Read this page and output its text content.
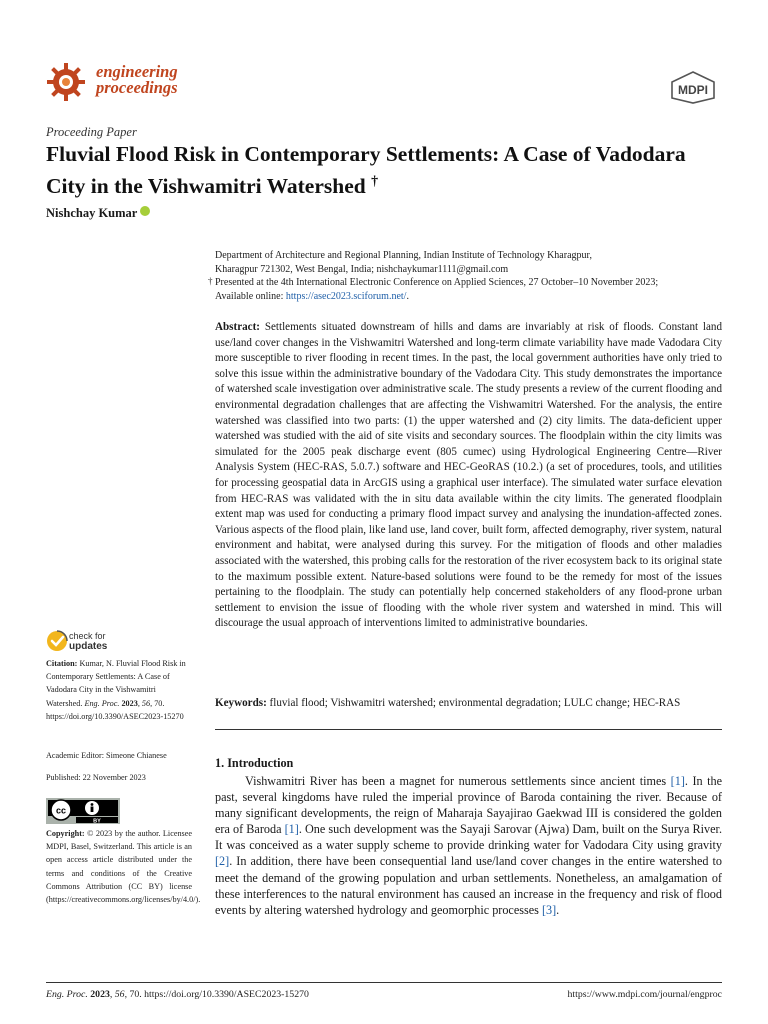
engineering
proceedings	MDPI
Proceeding Paper
Fluvial Flood Risk in Contemporary Settlements: A Case of Vadodara City in the Vishwamitri Watershed †
Nishchay Kumar
Department of Architecture and Regional Planning, Indian Institute of Technology Kharagpur,
Kharagpur 721302, West Bengal, India; nishchaykumar1111@gmail.com
† Presented at the 4th International Electronic Conference on Applied Sciences, 27 October–10 November 2023;
Available online: https://asec2023.sciforum.net/.
Abstract: Settlements situated downstream of hills and dams are invariably at risk of floods. Constant land use/land cover changes in the Vishwamitri Watershed and long-term climate variability have made Vadodara City more susceptible to river flooding in recent times. In the past, the local government authorities have only tried to solve this issue within the administrative boundary of the Vadodara City. This study demonstrates the importance of watershed scale investigation over administrative scale. The study presents a review of the current flooding and environmental degradation challenges that are affecting the Vishwamitri Watershed. For the analysis, the entire watershed was classified into two parts: (1) the upper watershed and (2) city limits. The data-deficient upper watershed was studied with the aid of site visits and secondary sources. The floodplain within the city limits was simulated for the 2005 peak discharge event (805 cumec) using Hydrological Engineering Centre—River Analysis System (HEC-RAS, 5.0.7.) software and HEC-GeoRAS (10.2.) (a set of procedures, tools, and utilities for processing geospatial data in ArcGIS using a graphical user interface). The simulated water surface elevation from HEC-RAS was validated with the in situ data available within the city limits. The generated floodplain extent map was used for conducting a primary flood impact survey and analysing the inundation-affected zones. Various aspects of the flood plain, like land use, land cover, built form, affected demography, river system, natural environment and habitat, were analysed during this survey. For the mitigation of floods and other maladies associated with the watershed, this probing calls for the restoration of the river ecosystem back to its original state to the maximum possible extent. Nature-based solutions were found to be the remedy for most of the issues pertaining to the floodplain. The study can potentially help concerned stakeholders of any flood-prone urban settlement to envision the issue of flooding with the whole river system and watershed in mind. This will discourage the usual approach of interventions limited to administrative boundaries.
Keywords: fluvial flood; Vishwamitri watershed; environmental degradation; LULC change; HEC-RAS
1. Introduction
Vishwamitri River has been a magnet for numerous settlements since ancient times [1]. In the past, several kingdoms have ruled the imperial province of Baroda containing the river. Because of many significant developments, the reign of Maharaja Sayajirao Gaekwad III is considered the golden era of Baroda [1]. One such development was the Sayaji Sarovar (Ajwa) Dam, built on the Surya River. It was conceived as a water supply scheme to provide drinking water for Vadodara City using gravity [2]. In addition, there have been consequential land use/land cover changes in the entire watershed to meet the demand of the growing population and urban settlements. Nonetheless, an amalgamation of these interferences to the natural environment has caused an increase in the frequency and risk of flood events by altering watershed hydrology and geomorphic processes [3].
check for
updates
Citation: Kumar, N. Fluvial Flood Risk in Contemporary Settlements: A Case of Vadodara City in the Vishwamitri Watershed. Eng. Proc. 2023, 56, 70. https://doi.org/10.3390/ASEC2023-15270
Academic Editor: Simeone Chianese
Published: 22 November 2023
cc
BY
Copyright: © 2023 by the author. Licensee MDPI, Basel, Switzerland. This article is an open access article distributed under the terms and conditions of the Creative Commons Attribution (CC BY) license (https://creativecommons.org/licenses/by/4.0/).
Eng. Proc. 2023, 56, 70. https://doi.org/10.3390/ASEC2023-15270	https://www.mdpi.com/journal/engproc
